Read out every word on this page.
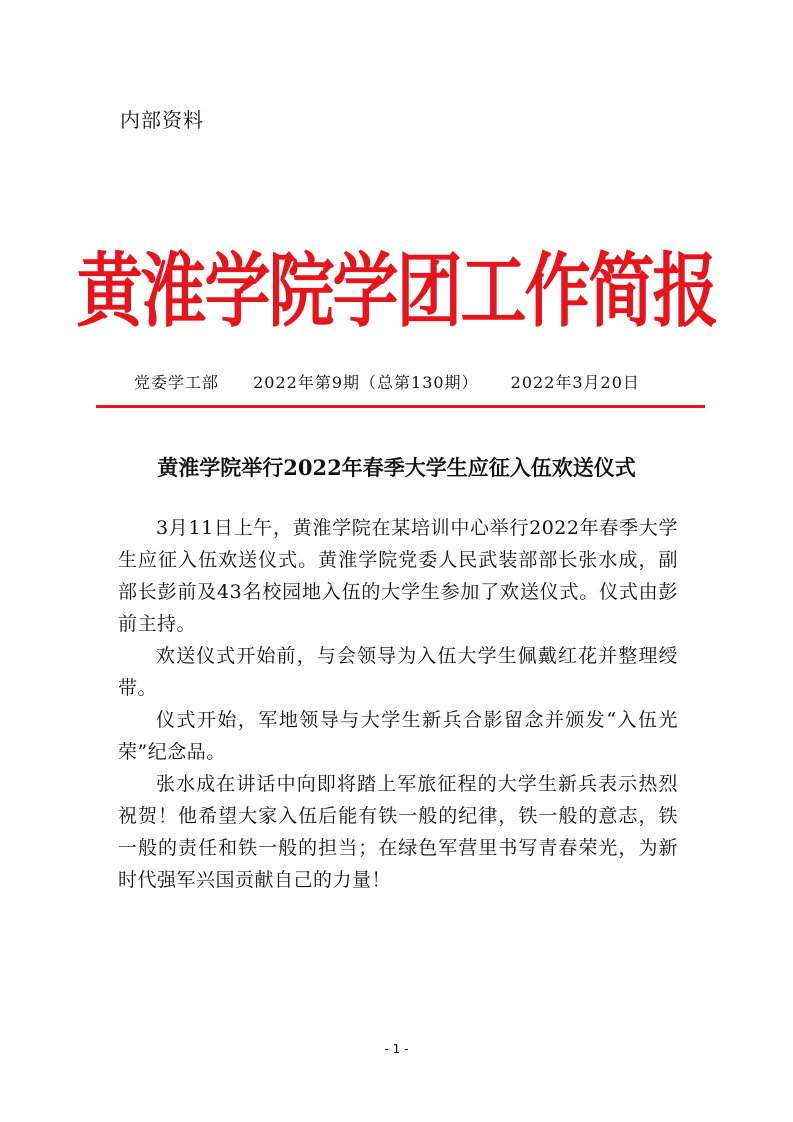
内部资料
黄淮学院学团工作简报
党委学工部 2022年第9期（总第130期） 2022年3月20日
黄淮学院举行2022年春季大学生应征入伍欢送仪式

3月11日上午，黄淮学院在某培训中心举行2022年春季大学生应征入伍欢送仪式。黄淮学院党委人民武装部部长张水成，副部长彭前及43名校园地入伍的大学生参加了欢送仪式。仪式由彭前主持。

欢送仪式开始前，与会领导为入伍大学生佩戴红花并整理绶带。

仪式开始，军地领导与大学生新兵合影留念并颁发“入伍光荣”纪念品。

张水成在讲话中向即将踏上军旅征程的大学生新兵表示热烈祝贺！他希望大家入伍后能有铁一般的纪律，铁一般的意志，铁一般的责任和铁一般的担当；在绿色军营里书写青春荣光，为新时代强军兴国贡献自己的力量！

- 1 -
